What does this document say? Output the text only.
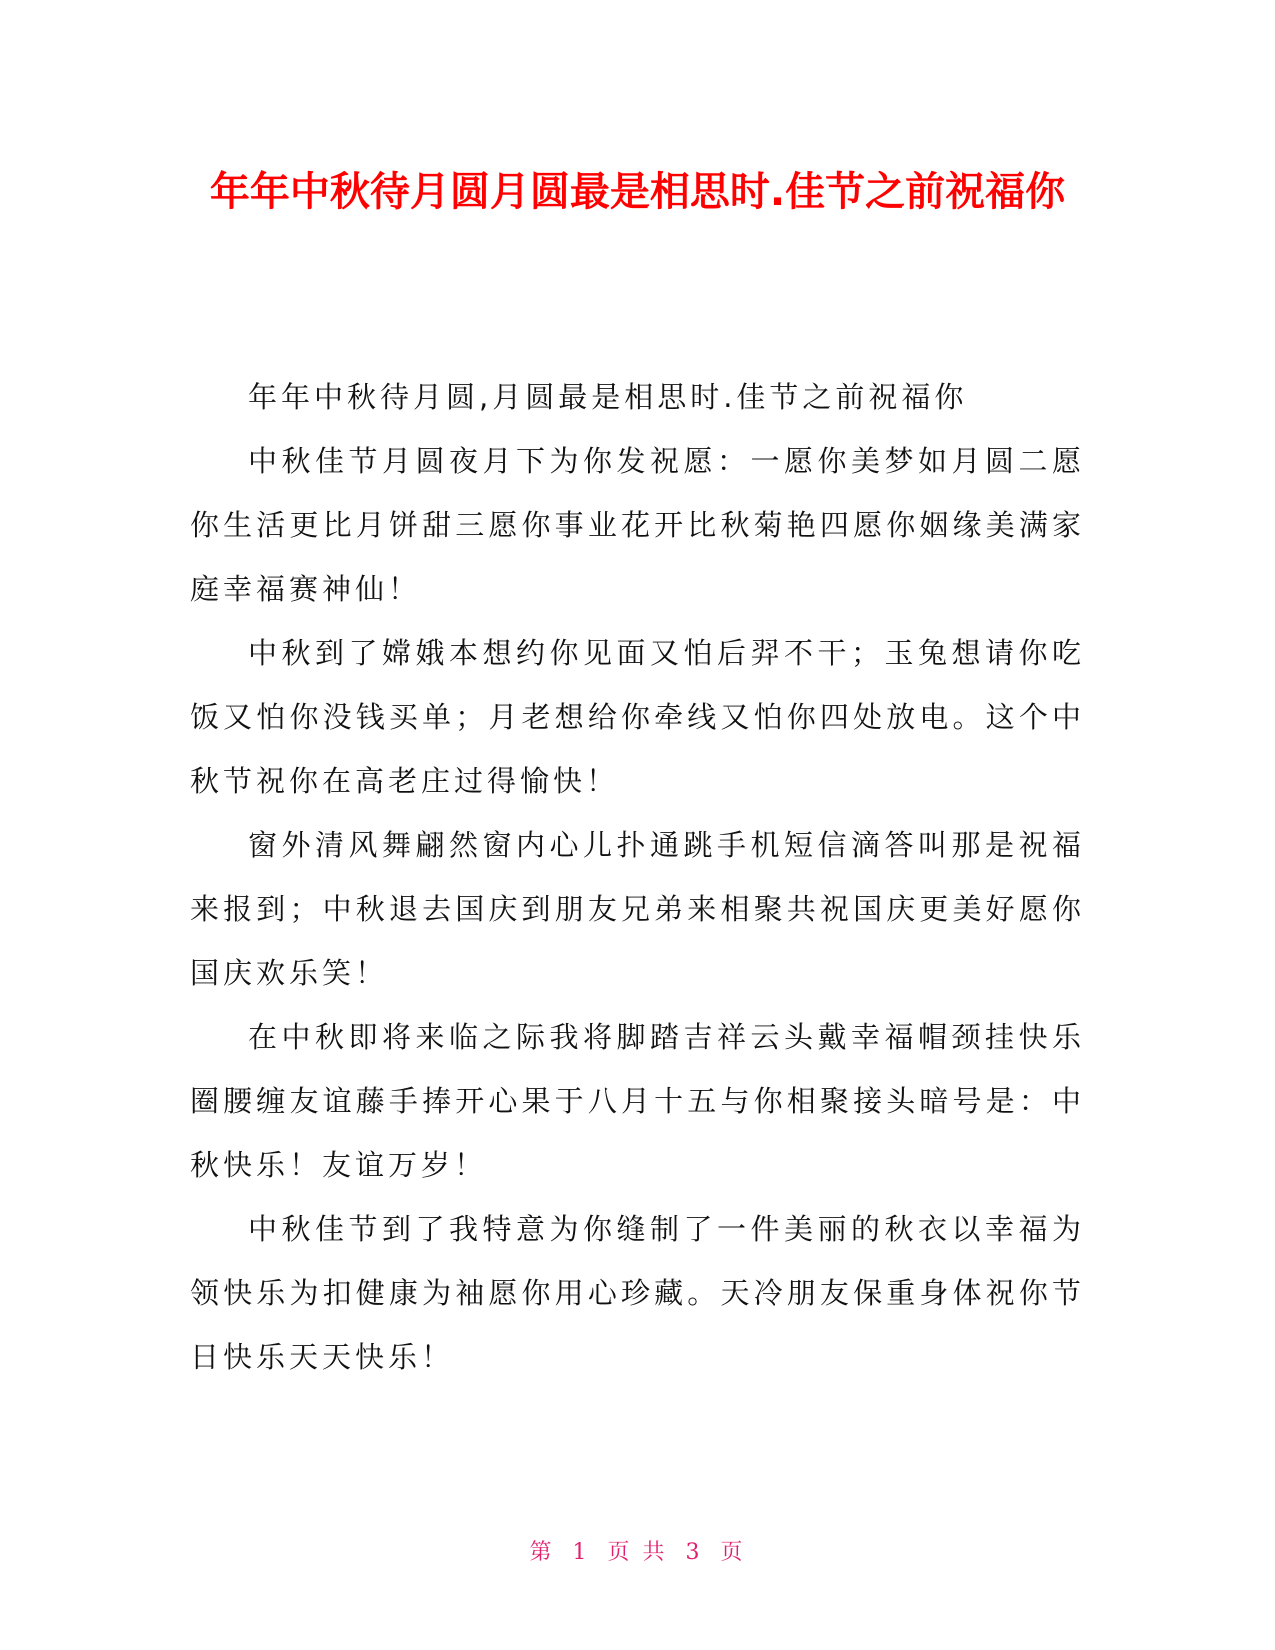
年年中秋待月圆月圆最是相思时.佳节之前祝福你

年年中秋待月圆,月圆最是相思时.佳节之前祝福你

中秋佳节月圆夜月下为你发祝愿：一愿你美梦如月圆二愿你生活更比月饼甜三愿你事业花开比秋菊艳四愿你姻缘美满家庭幸福赛神仙！

中秋到了嫦娥本想约你见面又怕后羿不干；玉兔想请你吃饭又怕你没钱买单；月老想给你牵线又怕你四处放电。这个中秋节祝你在高老庄过得愉快！

窗外清风舞翩然窗内心儿扑通跳手机短信滴答叫那是祝福来报到；中秋退去国庆到朋友兄弟来相聚共祝国庆更美好愿你国庆欢乐笑！

在中秋即将来临之际我将脚踏吉祥云头戴幸福帽颈挂快乐圈腰缠友谊藤手捧开心果于八月十五与你相聚接头暗号是：中秋快乐！友谊万岁！

中秋佳节到了我特意为你缝制了一件美丽的秋衣以幸福为领快乐为扣健康为袖愿你用心珍藏。天冷朋友保重身体祝你节日快乐天天快乐！

第 1 页 共 3 页
